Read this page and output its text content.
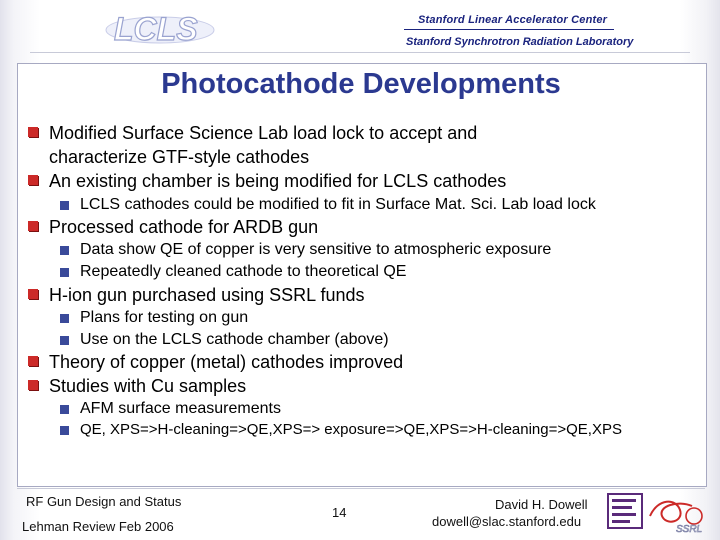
LCLS	Stanford Linear Accelerator Center
Stanford Synchrotron Radiation Laboratory
Photocathode Developments
Modified Surface Science Lab load lock to accept and
characterize GTF-style cathodes
An existing chamber is being modified for LCLS cathodes
LCLS cathodes could be modified to fit in Surface Mat. Sci. Lab load lock
Processed cathode for ARDB gun
Data show QE of copper is very sensitive to atmospheric exposure
Repeatedly cleaned cathode to theoretical QE
H-ion gun purchased using SSRL funds
Plans for testing on gun
Use on the LCLS cathode chamber (above)
Theory of copper (metal) cathodes improved
Studies with Cu samples
AFM surface measurements
QE, XPS=>H-cleaning=>QE,XPS=> exposure=>QE,XPS=>H-cleaning=>QE,XPS
RF Gun Design and Status
Lehman Review Feb 2006
14
David H. Dowell
dowell@slac.stanford.edu
SSRL
